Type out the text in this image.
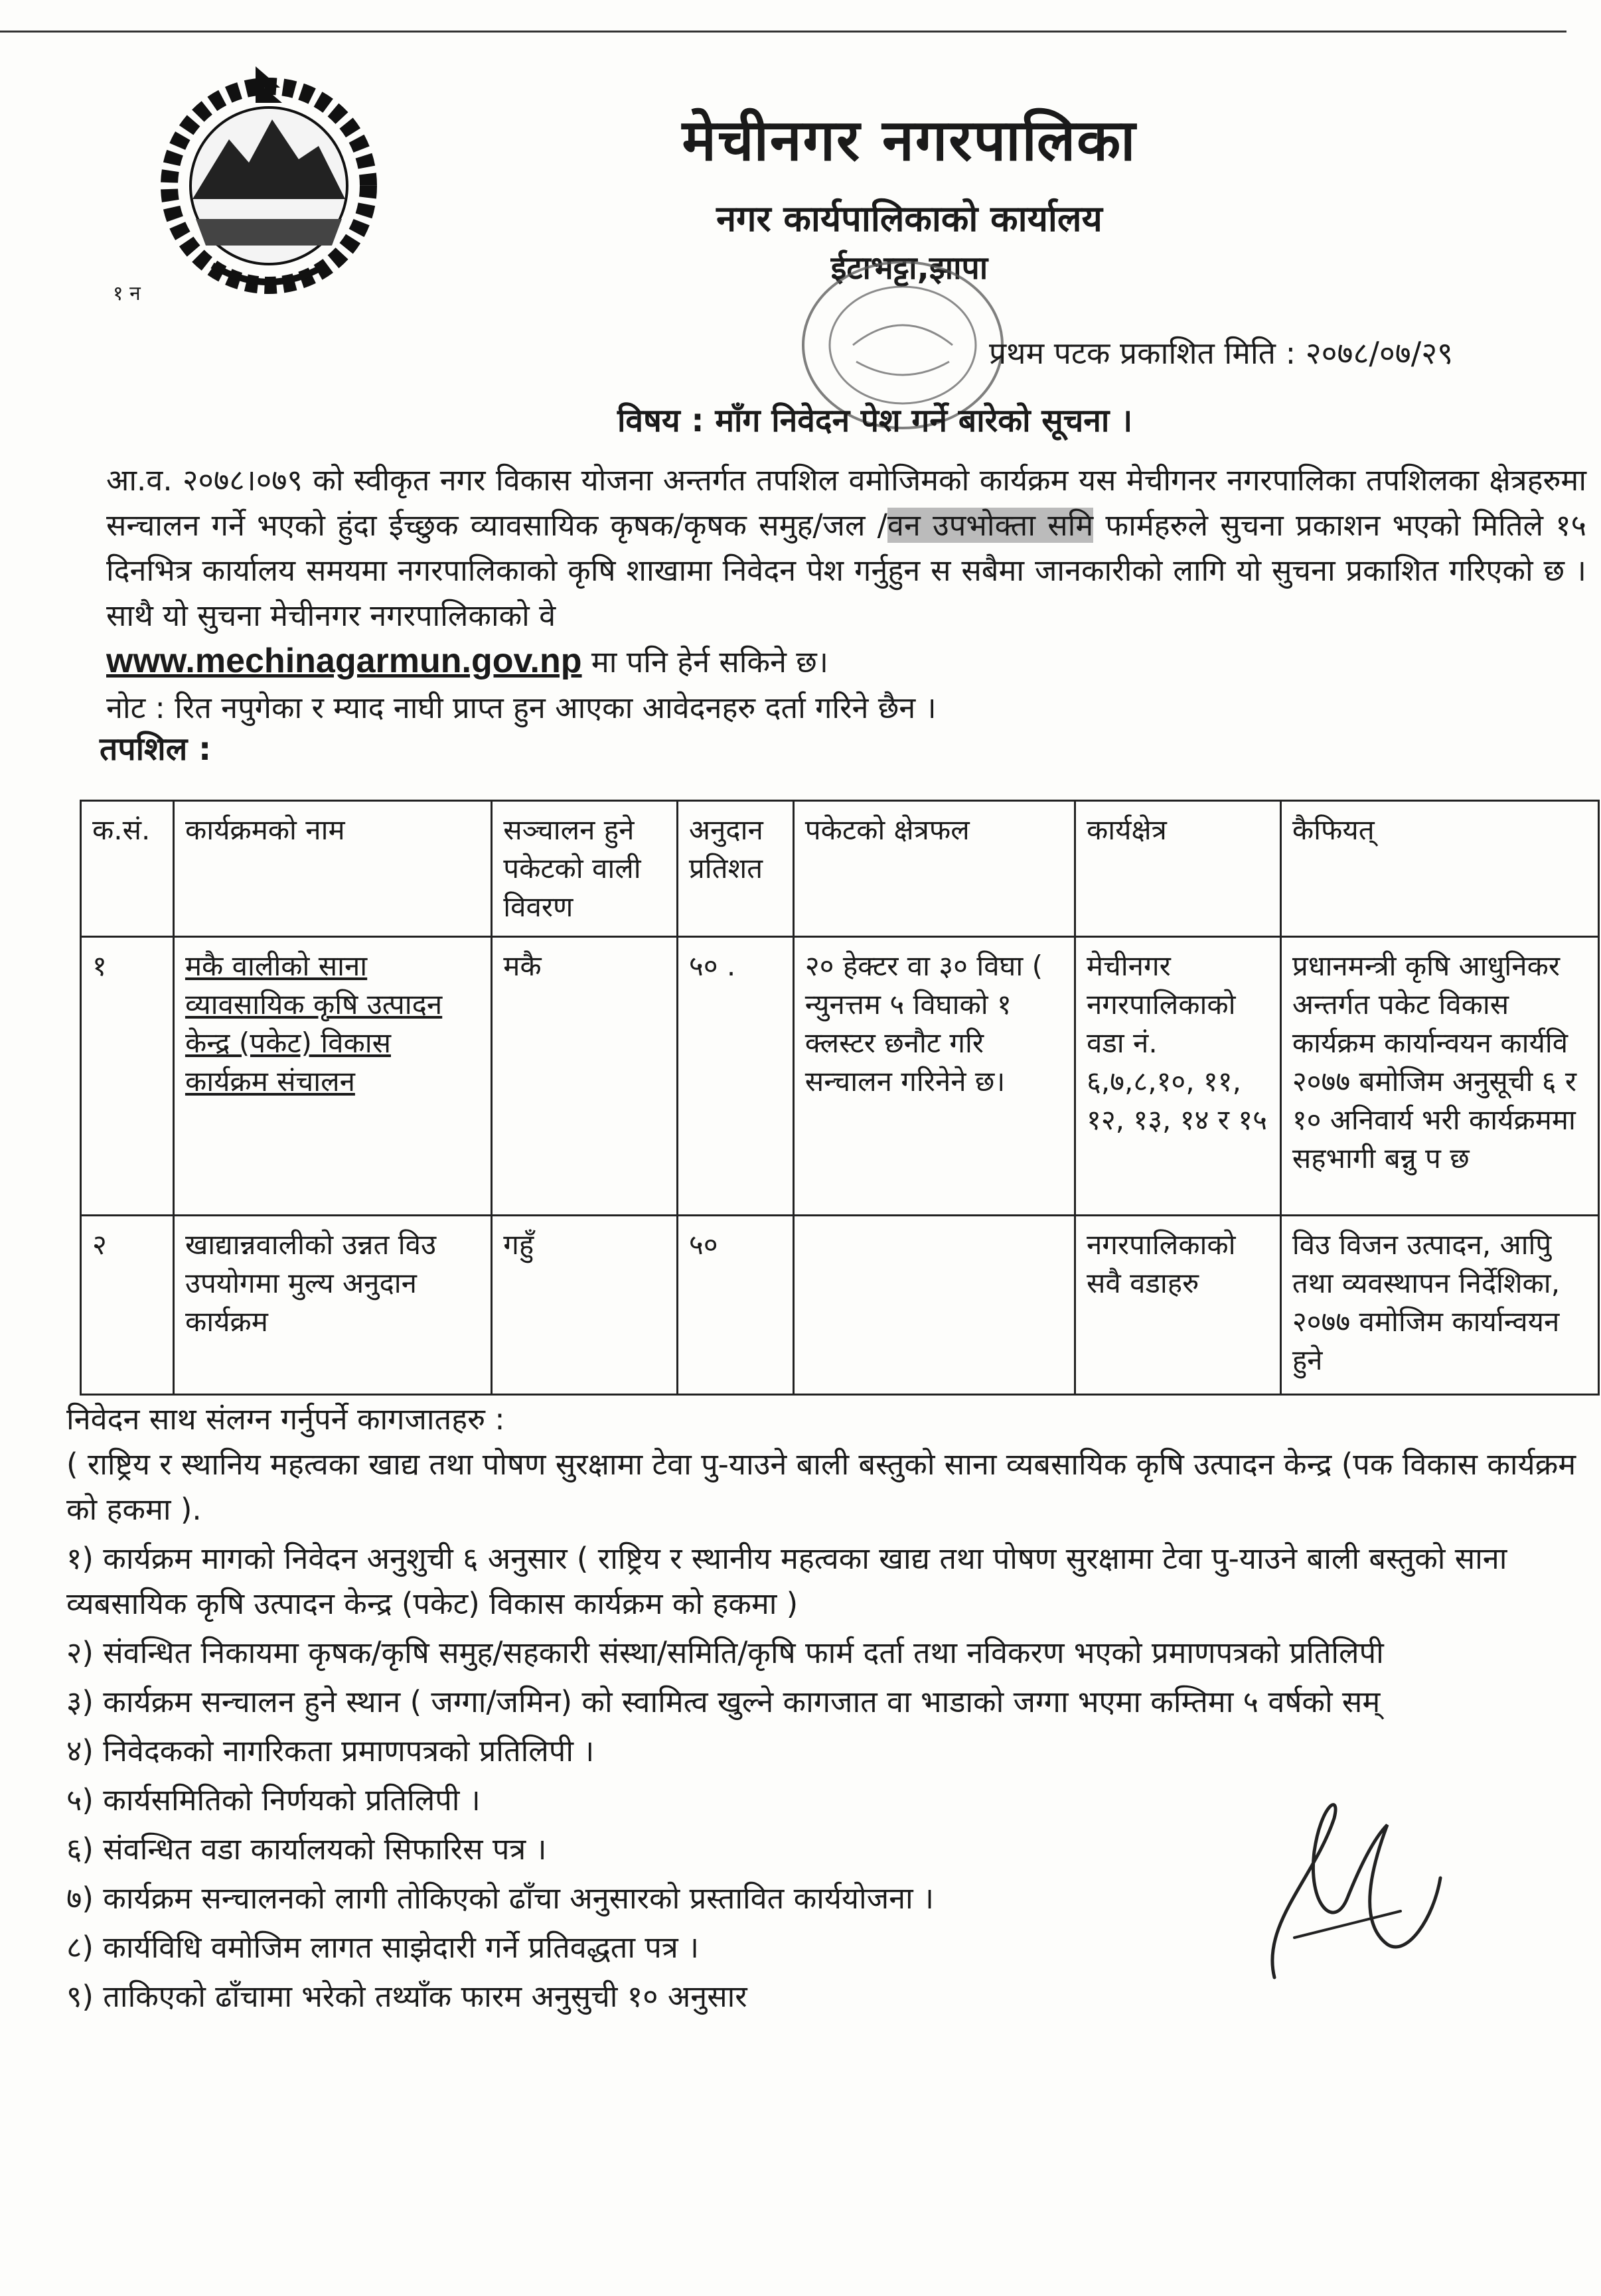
१ न
मेचीनगर नगरपालिका
नगर कार्यपालिकाको कार्यालय
ईटाभट्टा,झापा
प्रथम पटक प्रकाशित मिति : २०७८/०७/२९
विषय : माँग निवेदन पेश गर्ने बारेको सूचना ।
आ.व. २०७८।०७९ को स्वीकृत नगर विकास योजना अन्तर्गत तपशिल वमोजिमको कार्यक्रम यस मेचीगनर नगरपालिका तपशिलका क्षेत्रहरुमा सन्चालन गर्ने भएको हुंदा ईच्छुक व्यावसायिक कृषक/कृषक समुह/जल /वन उपभोक्ता समि फार्महरुले सुचना प्रकाशन भएको मितिले १५ दिनभित्र कार्यालय समयमा नगरपालिकाको कृषि शाखामा निवेदन पेश गर्नुहुन स सबैमा जानकारीको लागि यो सुचना प्रकाशित गरिएको छ । साथै यो सुचना मेचीनगर नगरपालिकाको वे
www.mechinagarmun.gov.np मा पनि हेर्न सकिने छ।
नोट : रित नपुगेका र म्याद नाघी प्राप्त हुन आएका आवेदनहरु दर्ता गरिने छैन ।
तपशिल :
क.सं.	कार्यक्रमको नाम	सञ्चालन हुने पकेटको वाली विवरण	अनुदान प्रतिशत	पकेटको क्षेत्रफल	कार्यक्षेत्र	कैफियत्
१	मकै वालीको साना व्यावसायिक कृषि उत्पादन केन्द्र (पकेट) विकास कार्यक्रम संचालन	मकै	५० .	२० हेक्टर वा ३० विघा ( न्युनत्तम ५ विघाको १ क्लस्टर छनौट गरि सन्चालन गरिनेने छ।	मेचीनगर नगरपालिकाको वडा नं. ६,७,८,१०, ११, १२, १३, १४ र १५	प्रधानमन्त्री कृषि आधुनिकर अन्तर्गत पकेट विकास कार्यक्रम कार्यान्वयन कार्यवि २०७७ बमोजिम अनुसूची ६ र १० अनिवार्य भरी कार्यक्रममा सहभागी बन्नु प छ
२	खाद्यान्नवालीको उन्नत विउ उपयोगमा मुल्य अनुदान कार्यक्रम	गहुँ	५०		नगरपालिकाको सवै वडाहरु	विउ विजन उत्पादन, आपुि तथा व्यवस्थापन निर्देशिका, २०७७ वमोजिम कार्यान्वयन हुने

निवेदन साथ संलग्न गर्नुपर्ने कागजातहरु :

( राष्ट्रिय र स्थानिय महत्वका खाद्य तथा पोषण सुरक्षामा टेवा पु-याउने बाली बस्तुको साना व्यबसायिक कृषि उत्पादन केन्द्र (पक विकास कार्यक्रम को हकमा ).

१) कार्यक्रम मागको निवेदन अनुशुची ६ अनुसार ( राष्ट्रिय र स्थानीय महत्वका खाद्य तथा पोषण सुरक्षामा टेवा पु-याउने बाली बस्तुको साना व्यबसायिक कृषि उत्पादन केन्द्र (पकेट) विकास कार्यक्रम को हकमा )

२) संवन्धित निकायमा कृषक/कृषि समुह/सहकारी संस्था/समिति/कृषि फार्म दर्ता तथा नविकरण भएको प्रमाणपत्रको प्रतिलिपी

३) कार्यक्रम सन्चालन हुने स्थान ( जग्गा/जमिन) को स्वामित्व खुल्ने कागजात वा भाडाको जग्गा भएमा कम्तिमा ५ वर्षको सम्

४) निवेदकको नागरिकता प्रमाणपत्रको प्रतिलिपी ।

५) कार्यसमितिको निर्णयको प्रतिलिपी ।

६) संवन्धित वडा कार्यालयको सिफारिस पत्र ।

७) कार्यक्रम सन्चालनको लागी तोकिएको ढाँचा अनुसारको प्रस्तावित कार्ययोजना ।

८) कार्यविधि वमोजिम लागत साझेदारी गर्ने प्रतिवद्धता पत्र ।

९) ताकिएको ढाँचामा भरेको तथ्याँक फारम अनुसुची १० अनुसार
